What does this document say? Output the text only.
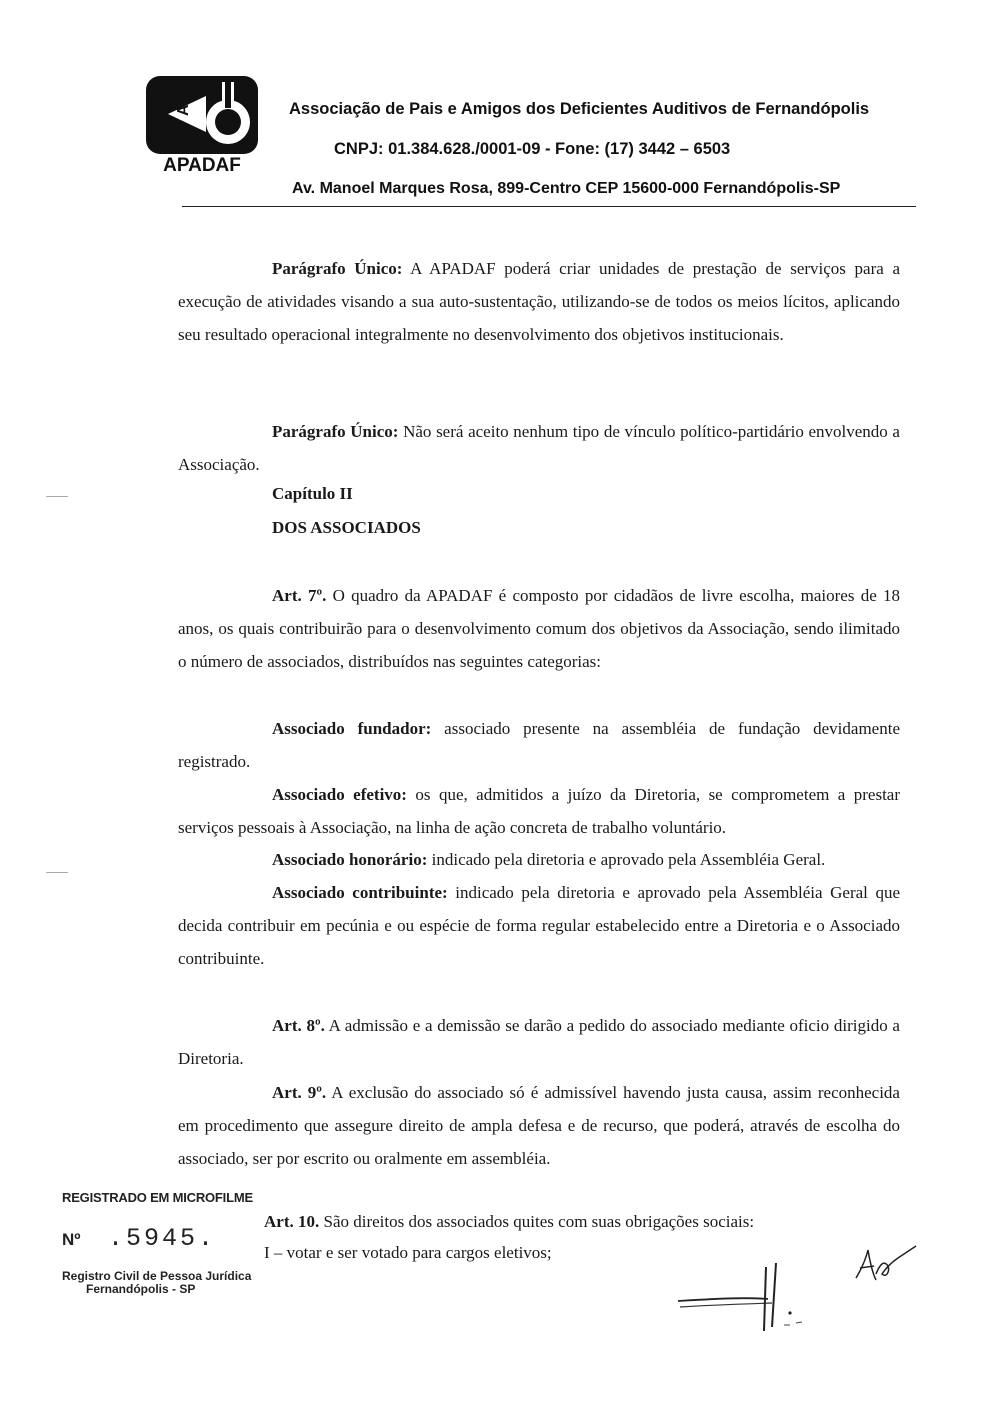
A
APADAF
Associação de Pais e Amigos dos Deficientes Auditivos de Fernandópolis
CNPJ: 01.384.628./0001-09 - Fone: (17) 3442 – 6503
Av. Manoel Marques Rosa, 899-Centro CEP 15600-000 Fernandópolis-SP
Parágrafo Único: A APADAF poderá criar unidades de prestação de serviços para a execução de atividades visando a sua auto-sustentação, utilizando-se de todos os meios lícitos, aplicando seu resultado operacional integralmente no desenvolvimento dos objetivos institucionais.
Parágrafo Único: Não será aceito nenhum tipo de vínculo político-partidário envolvendo a Associação.
Capítulo II
DOS ASSOCIADOS
Art. 7º. O quadro da APADAF é composto por cidadãos de livre escolha, maiores de 18 anos, os quais contribuirão para o desenvolvimento comum dos objetivos da Associação, sendo ilimitado o número de associados, distribuídos nas seguintes categorias:
Associado fundador: associado presente na assembléia de fundação devidamente registrado.
Associado efetivo: os que, admitidos a juízo da Diretoria, se comprometem a prestar serviços pessoais à Associação, na linha de ação concreta de trabalho voluntário.
Associado honorário: indicado pela diretoria e aprovado pela Assembléia Geral.
Associado contribuinte: indicado pela diretoria e aprovado pela Assembléia Geral que decida contribuir em pecúnia e ou espécie de forma regular estabelecido entre a Diretoria e o Associado contribuinte.
Art. 8º. A admissão e a demissão se darão a pedido do associado mediante oficio dirigido a Diretoria.
Art. 9º. A exclusão do associado só é admissível havendo justa causa, assim reconhecida em procedimento que assegure direito de ampla defesa e de recurso, que poderá, através de escolha do associado, ser por escrito ou oralmente em assembléia.
Art. 10. São direitos dos associados quites com suas obrigações sociais:
I – votar e ser votado para cargos eletivos;
REGISTRADO EM MICROFILME
Nº .5945.
Registro Civil de Pessoa Jurídica
Fernandópolis - SP
